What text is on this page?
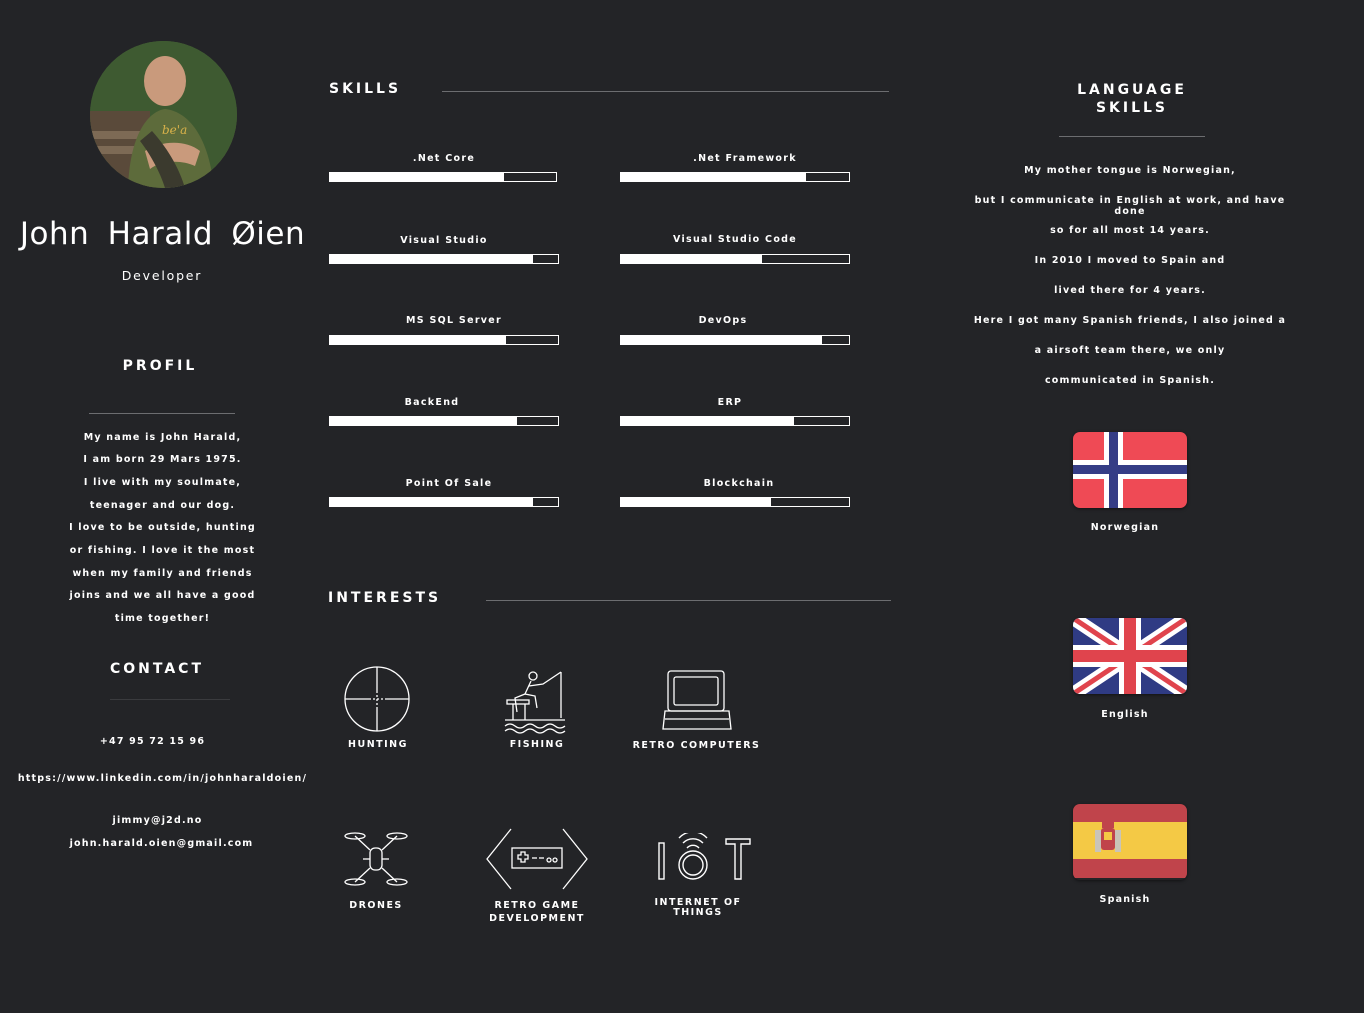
be'a
John Harald Øien
Developer
PROFIL
My name is John Harald,
I am born 29 Mars 1975.
I live with my soulmate,
teenager and our dog.
I love to be outside, hunting
or fishing. I love it the most
when my family and friends
joins and we all have a good
time together!
CONTACT
+47 95 72 15 96
https://www.linkedin.com/in/johnharaldoien/
jimmy@j2d.no
john.harald.oien@gmail.com
SKILLS
.Net Core	.Net Framework
Visual Studio	Visual Studio Code
MS SQL Server	DevOps
BackEnd	ERP
Point Of Sale	Blockchain
INTERESTS
HUNTING	FISHING	RETRO COMPUTERS
DRONES	RETRO GAME
DEVELOPMENT
INTERNET OF
THINGS
LANGUAGE
SKILLS
My mother tongue is Norwegian,
but I communicate in English at work, and have done
so for all most 14 years.
In 2010 I moved to Spain and
lived there for 4 years.
Here I got many Spanish friends, I also joined a
a airsoft team there, we only
communicated in Spanish.
Norwegian
English
Spanish
